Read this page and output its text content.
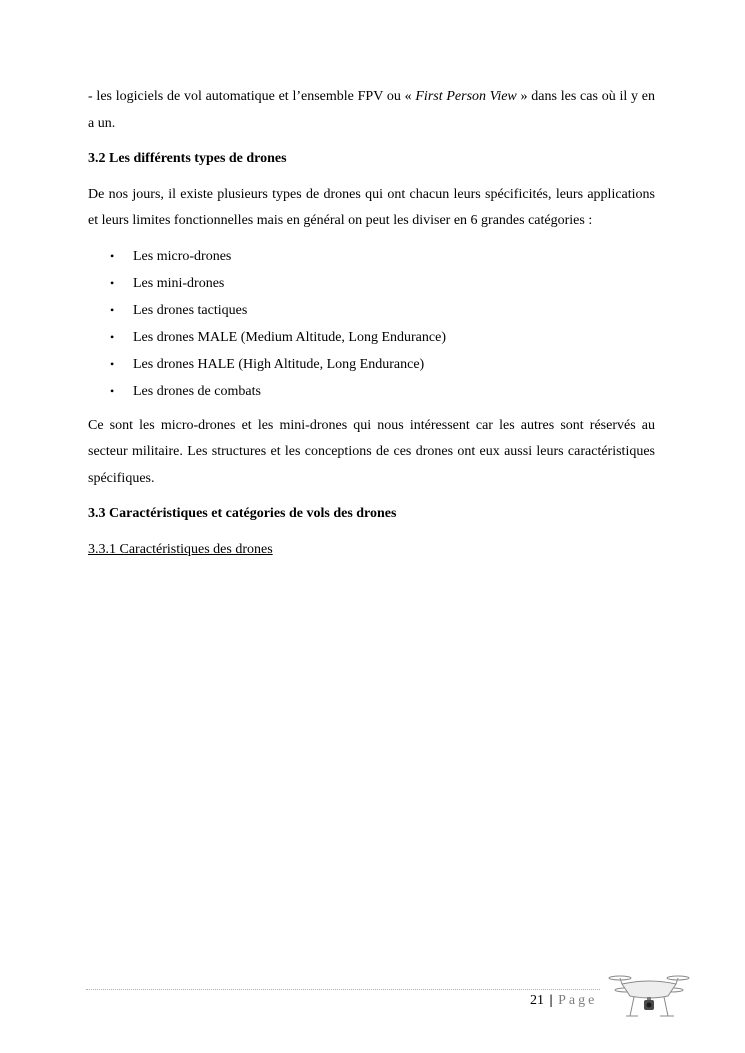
- les logiciels de vol automatique et l’ensemble FPV ou « First Person View » dans les cas où il y en a un.

3.2 Les différents types de drones

De nos jours, il existe plusieurs types de drones qui ont chacun leurs spécificités, leurs applications et leurs limites fonctionnelles mais en général on peut les diviser en 6 grandes catégories :

• Les micro-drones
• Les mini-drones
• Les drones tactiques
• Les drones MALE (Medium Altitude, Long Endurance)
• Les drones HALE (High Altitude, Long Endurance)
• Les drones de combats

Ce sont les micro-drones et les mini-drones qui nous intéressent car les autres sont réservés au secteur militaire. Les structures et les conceptions de ces drones ont eux aussi leurs caractéristiques spécifiques.

3.3 Caractéristiques et catégories de vols des drones

3.3.1 Caractéristiques des drones

21 | Page
